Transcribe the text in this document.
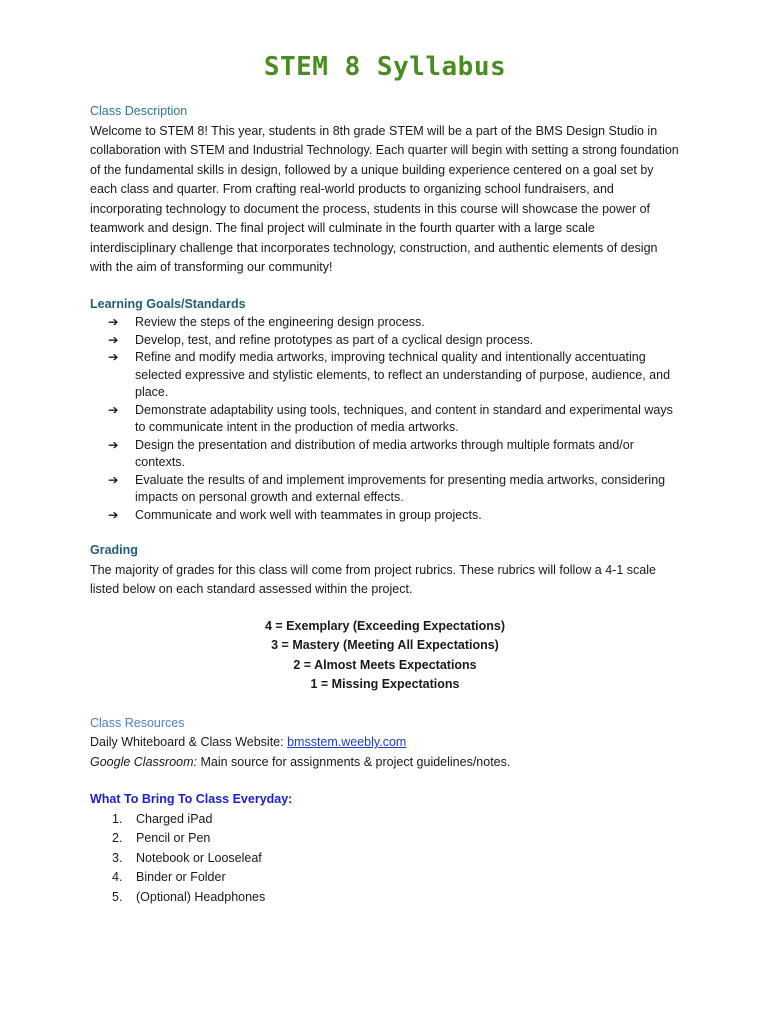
STEM 8 Syllabus

Class Description

Welcome to STEM 8! This year, students in 8th grade STEM will be a part of the BMS Design Studio in collaboration with STEM and Industrial Technology. Each quarter will begin with setting a strong foundation of the fundamental skills in design, followed by a unique building experience centered on a goal set by each class and quarter. From crafting real-world products to organizing school fundraisers, and incorporating technology to document the process, students in this course will showcase the power of teamwork and design. The final project will culminate in the fourth quarter with a large scale interdisciplinary challenge that incorporates technology, construction, and authentic elements of design with the aim of transforming our community!

Learning Goals/Standards

➔ Review the steps of the engineering design process.
➔ Develop, test, and refine prototypes as part of a cyclical design process.
➔ Refine and modify media artworks, improving technical quality and intentionally accentuating selected expressive and stylistic elements, to reflect an understanding of purpose, audience, and place.
➔ Demonstrate adaptability using tools, techniques, and content in standard and experimental ways to communicate intent in the production of media artworks.
➔ Design the presentation and distribution of media artworks through multiple formats and/or contexts.
➔ Evaluate the results of and implement improvements for presenting media artworks, considering impacts on personal growth and external effects.
➔ Communicate and work well with teammates in group projects.

Grading

The majority of grades for this class will come from project rubrics. These rubrics will follow a 4-1 scale listed below on each standard assessed within the project.

4 = Exemplary (Exceeding Expectations)

3 = Mastery (Meeting All Expectations)

2 = Almost Meets Expectations

1 = Missing Expectations

Class Resources

Daily Whiteboard & Class Website: bmsstem.weebly.com

Google Classroom: Main source for assignments & project guidelines/notes.

What To Bring To Class Everyday:

1. Charged iPad
2. Pencil or Pen
3. Notebook or Looseleaf
4. Binder or Folder
5. (Optional) Headphones
